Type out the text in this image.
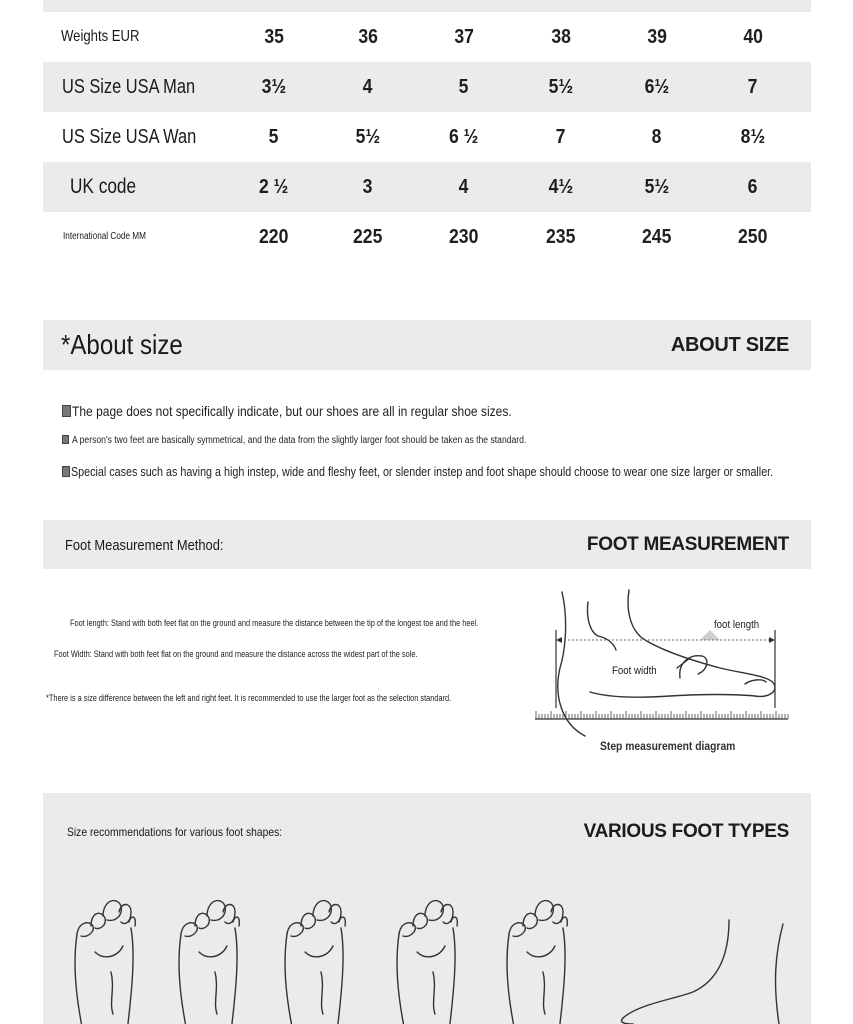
Weights EUR	35	36	37	38	39	40
US Size USA Man	3½	4	5	5½	6½	7
US Size USA Wan	5	5½	6 ½	7	8	8½
UK code	2 ½	3	4	4½	5½	6
International Code MM	220	225	230	235	245	250
*About size	ABOUT SIZE
The page does not specifically indicate, but our shoes are all in regular shoe sizes.
A person's two feet are basically symmetrical, and the data from the slightly larger foot should be taken as the standard.
Special cases such as having a high instep, wide and fleshy feet, or slender instep and foot shape should choose to wear one size larger or smaller.
Foot Measurement Method:	FOOT MEASUREMENT
Foot length: Stand with both feet flat on the ground and measure the distance between the tip of the longest toe and the heel.
Foot Width: Stand with both feet flat on the ground and measure the distance across the widest part of the sole.
*There is a size difference between the left and right feet. It is recommended to use the larger foot as the selection standard.
foot length
Foot width
Step measurement diagram
Size recommendations for various foot shapes:	VARIOUS FOOT TYPES
